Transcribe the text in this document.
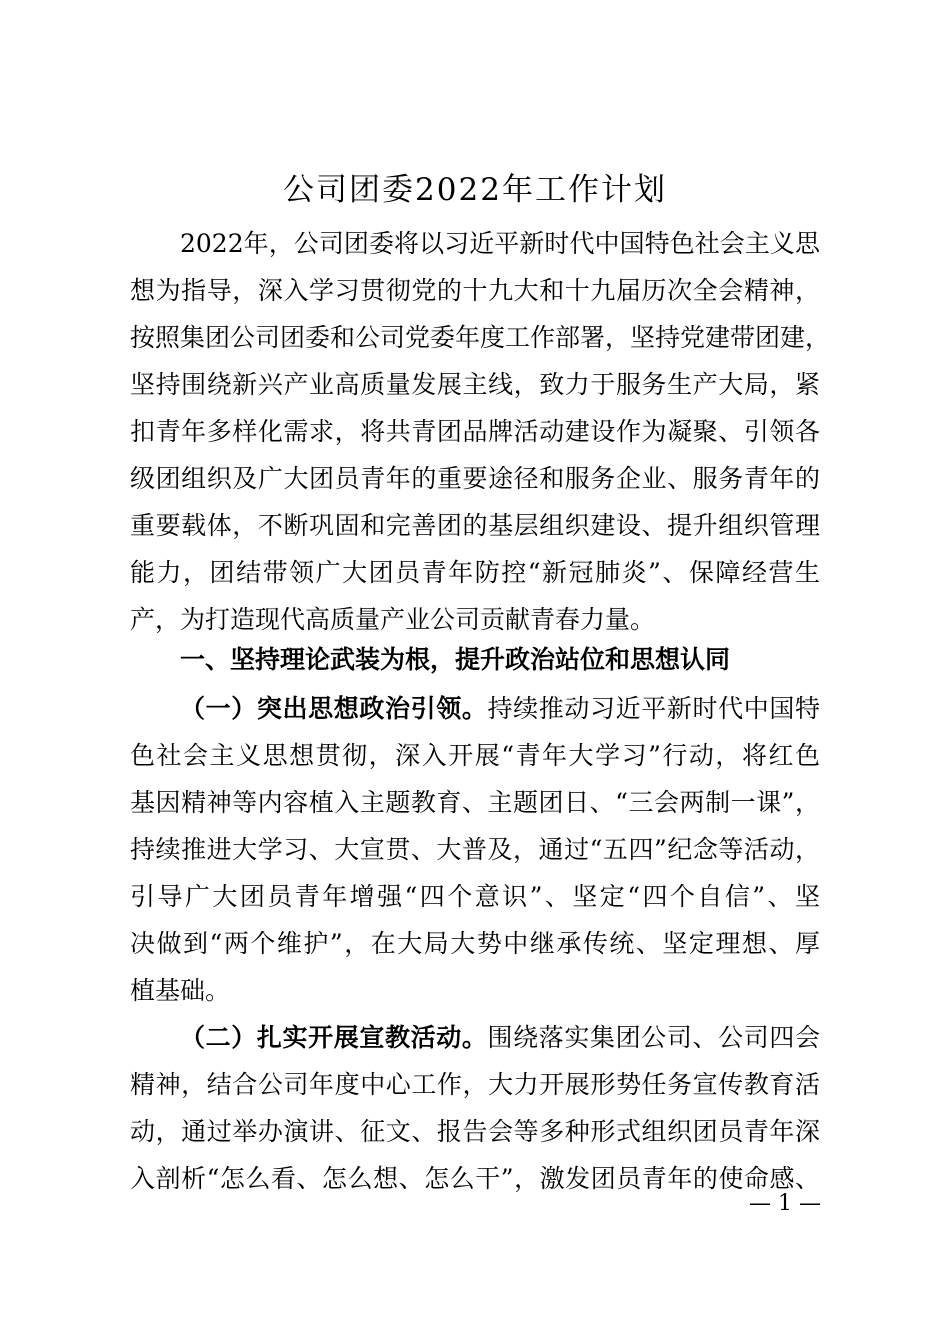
公司团委2022年工作计划
2022年，公司团委将以习近平新时代中国特色社会主义思
想为指导，深入学习贯彻党的十九大和十九届历次全会精神，
按照集团公司团委和公司党委年度工作部署，坚持党建带团建，
坚持围绕新兴产业高质量发展主线，致力于服务生产大局，紧
扣青年多样化需求，将共青团品牌活动建设作为凝聚、引领各
级团组织及广大团员青年的重要途径和服务企业、服务青年的
重要载体，不断巩固和完善团的基层组织建设、提升组织管理
能力，团结带领广大团员青年防控“新冠肺炎”、保障经营生
产，为打造现代高质量产业公司贡献青春力量。
一、坚持理论武装为根，提升政治站位和思想认同
（一）突出思想政治引领。持续推动习近平新时代中国特
色社会主义思想贯彻，深入开展“青年大学习”行动，将红色
基因精神等内容植入主题教育、主题团日、“三会两制一课”，
持续推进大学习、大宣贯、大普及，通过“五四”纪念等活动，
引导广大团员青年增强“四个意识”、坚定“四个自信”、坚
决做到“两个维护”，在大局大势中继承传统、坚定理想、厚
植基础。
（二）扎实开展宣教活动。围绕落实集团公司、公司四会
精神，结合公司年度中心工作，大力开展形势任务宣传教育活
动，通过举办演讲、征文、报告会等多种形式组织团员青年深
入剖析“怎么看、怎么想、怎么干”，激发团员青年的使命感、
— 1 —
